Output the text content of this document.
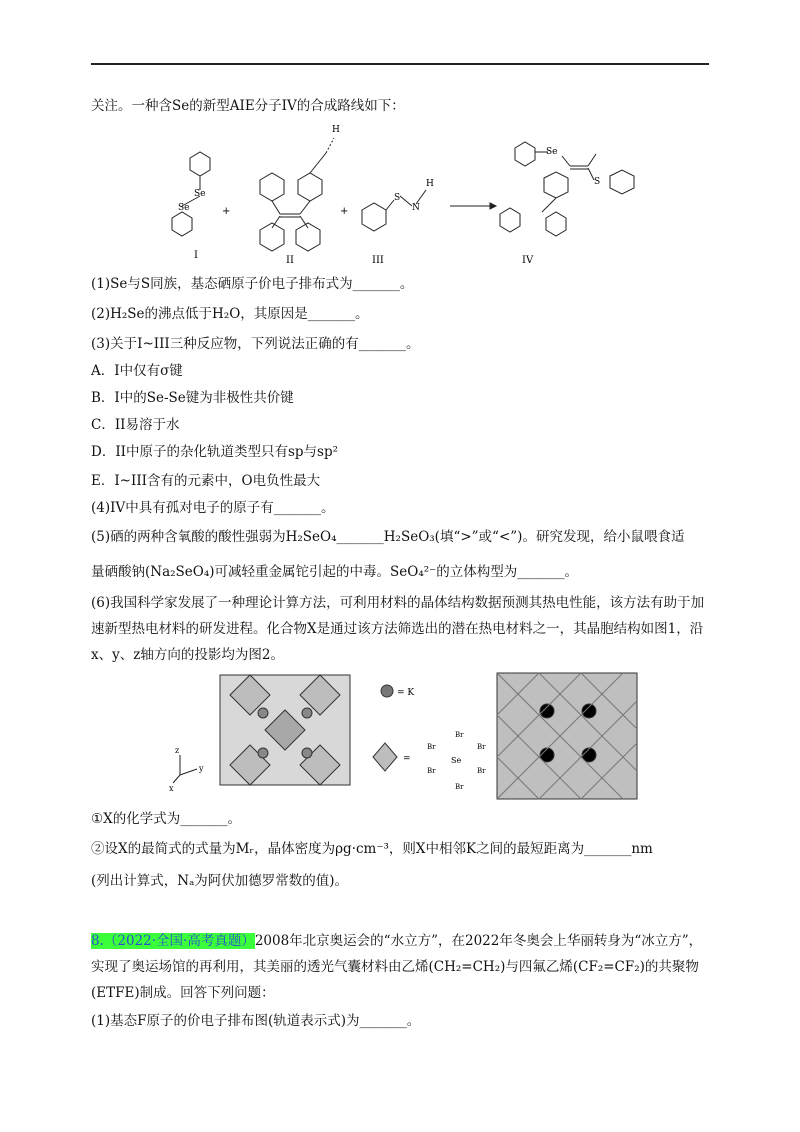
关注。一种含Se的新型AIE分子IV的合成路线如下：
I	II	III	IV
+	+
Se
Se
H
S
N
H
Se
S
(1)Se与S同族，基态硒原子价电子排布式为_______。
(2)H₂Se的沸点低于H₂O，其原因是_______。
(3)关于I~III三种反应物，下列说法正确的有_______。
A．I中仅有σ键
B．I中的Se-Se键为非极性共价键
C．II易溶于水
D．II中原子的杂化轨道类型只有sp与sp²
E．I~III含有的元素中，O电负性最大
(4)IV中具有孤对电子的原子有_______。
(5)硒的两种含氧酸的酸性强弱为H₂SeO₄_______H₂SeO₃(填“>”或“<”)。研究发现，给小鼠喂食适
量硒酸钠(Na₂SeO₄)可减轻重金属铊引起的中毒。SeO₄²⁻的立体构型为_______。
(6)我国科学家发展了一种理论计算方法，可利用材料的晶体结构数据预测其热电性能，该方法有助于加速新型热电材料的研发进程。化合物X是通过该方法筛选出的潜在热电材料之一，其晶胞结构如图1，沿x、y、z轴方向的投影均为图2。
z
y
x
= K
=	Se
Br
Br	Br
Br	Br
Br
①X的化学式为_______。
②设X的最简式的式量为Mᵣ，晶体密度为ρg·cm⁻³，则X中相邻K之间的最短距离为_______nm
(列出计算式，Nₐ为阿伏加德罗常数的值)。
8.（2022·全国·高考真题）2008年北京奥运会的“水立方”，在2022年冬奥会上华丽转身为“冰立方”，实现了奥运场馆的再利用，其美丽的透光气囊材料由乙烯(CH₂=CH₂)与四氟乙烯(CF₂=CF₂)的共聚物(ETFE)制成。回答下列问题：
(1)基态F原子的价电子排布图(轨道表示式)为_______。
